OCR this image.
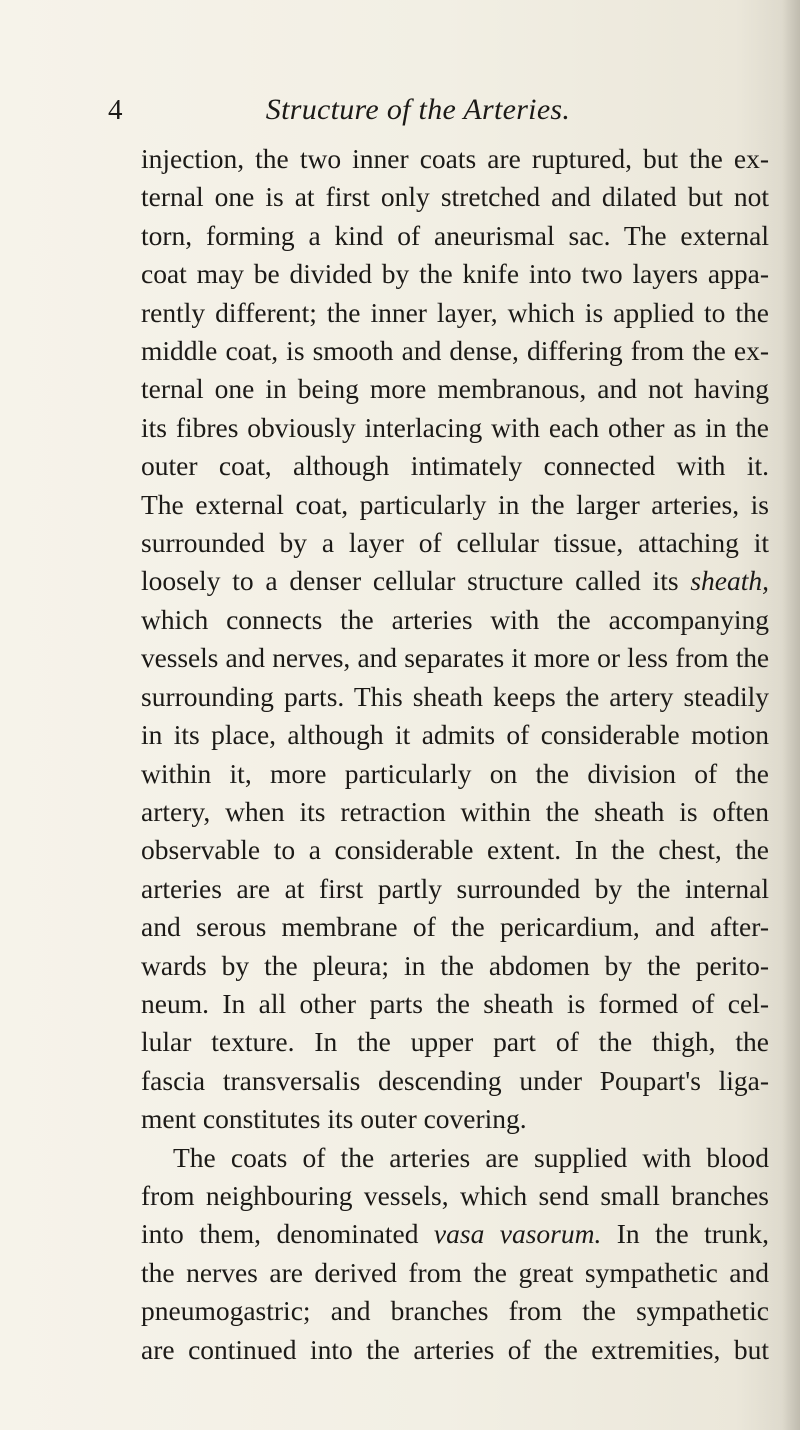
4	Structure of the Arteries.
injection, the two inner coats are ruptured, but the ex-
ternal one is at first only stretched and dilated but not
torn, forming a kind of aneurismal sac. The external
coat may be divided by the knife into two layers appa-
rently different; the inner layer, which is applied to the
middle coat, is smooth and dense, differing from the ex-
ternal one in being more membranous, and not having
its fibres obviously interlacing with each other as in the
outer coat, although intimately connected with it.
The external coat, particularly in the larger arteries, is
surrounded by a layer of cellular tissue, attaching it
loosely to a denser cellular structure called its sheath,
which connects the arteries with the accompanying
vessels and nerves, and separates it more or less from the
surrounding parts. This sheath keeps the artery steadily
in its place, although it admits of considerable motion
within it, more particularly on the division of the
artery, when its retraction within the sheath is often
observable to a considerable extent. In the chest, the
arteries are at first partly surrounded by the internal
and serous membrane of the pericardium, and after-
wards by the pleura; in the abdomen by the perito-
neum. In all other parts the sheath is formed of cel-
lular texture. In the upper part of the thigh, the
fascia transversalis descending under Poupart's liga-
ment constitutes its outer covering.
The coats of the arteries are supplied with blood
from neighbouring vessels, which send small branches
into them, denominated vasa vasorum. In the trunk,
the nerves are derived from the great sympathetic and
pneumogastric; and branches from the sympathetic
are continued into the arteries of the extremities, but
